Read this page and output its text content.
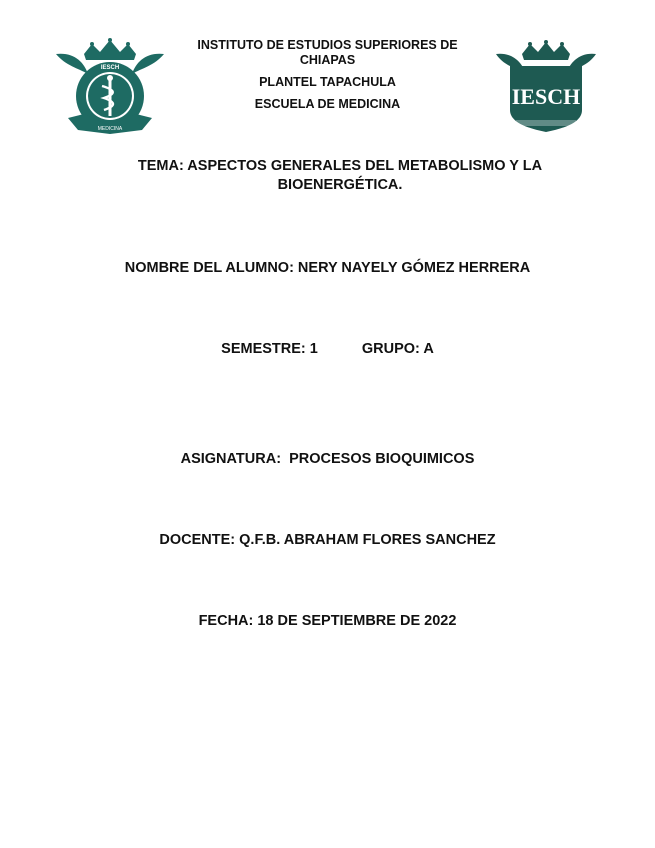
IESCH
MEDICINA
INSTITUTO DE ESTUDIOS SUPERIORES DE
CHIAPAS
PLANTEL TAPACHULA
ESCUELA DE MEDICINA	IESCH
TEMA: ASPECTOS GENERALES DEL METABOLISMO Y LA BIOENERGÉTICA.
NOMBRE DEL ALUMNO: NERY NAYELY GÓMEZ HERRERA
SEMESTRE: 1	GRUPO: A
ASIGNATURA:  PROCESOS BIOQUIMICOS
DOCENTE: Q.F.B. ABRAHAM FLORES SANCHEZ
FECHA: 18 DE SEPTIEMBRE DE 2022
